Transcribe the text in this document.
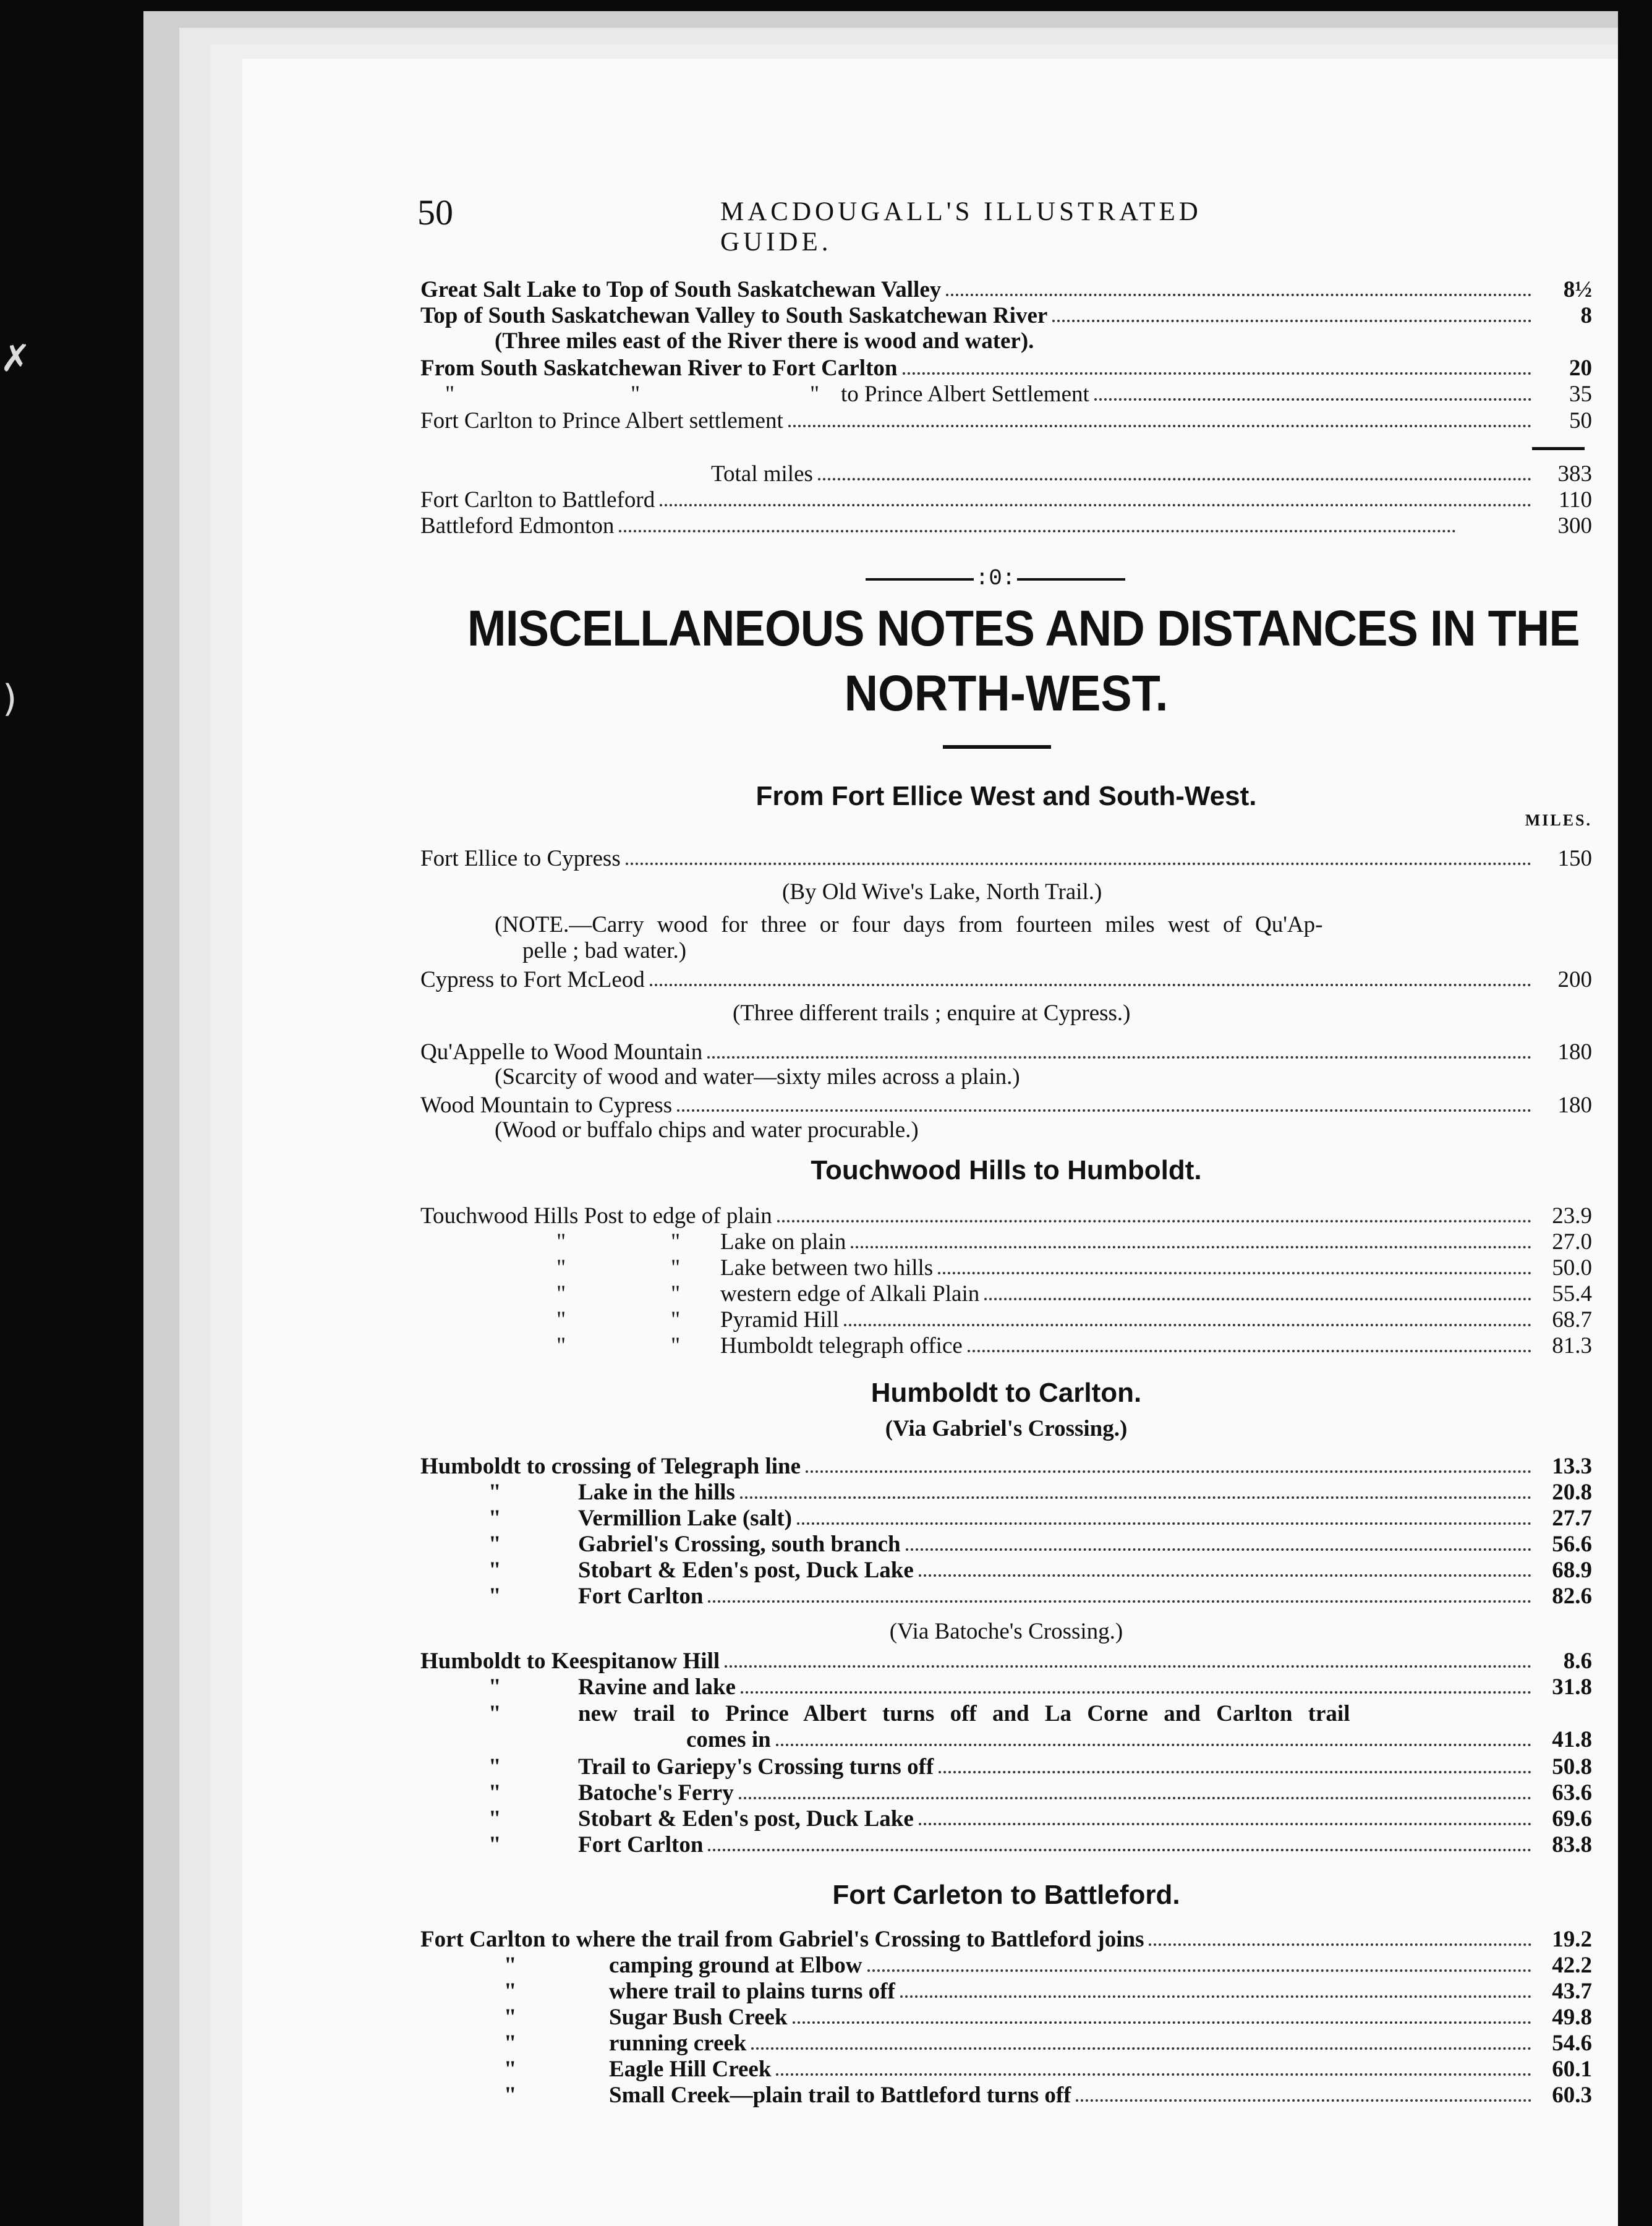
✗
)
50	MACDOUGALL'S ILLUSTRATED GUIDE.
Great Salt Lake to Top of South Saskatchewan Valley	8½
Top of South Saskatchewan Valley to South Saskatchewan River	8
(Three miles east of the River there is wood and water).
From South Saskatchewan River to Fort Carlton	20
"	"	" to Prince Albert Settlement	35
Fort Carlton to Prince Albert settlement	50
Total miles	383
Fort Carlton to Battleford	110
Battleford Edmonton	300
:0:
MISCELLANEOUS NOTES AND DISTANCES IN THE
NORTH-WEST.
From Fort Ellice West and South-West.
MILES.
Fort Ellice to Cypress	150
(By Old Wive's Lake, North Trail.)
(NOTE.—Carry wood for three or four days from fourteen miles west of Qu'Ap-
pelle ; bad water.)
Cypress to Fort McLeod	200
(Three different trails ; enquire at Cypress.)
Qu'Appelle to Wood Mountain	180
(Scarcity of wood and water—sixty miles across a plain.)
Wood Mountain to Cypress	180
(Wood or buffalo chips and water procurable.)
Touchwood Hills to Humboldt.
Touchwood Hills Post to edge of plain	23.9
"	"	Lake on plain	27.0
"	"	Lake between two hills	50.0
"	"	western edge of Alkali Plain	55.4
"	"	Pyramid Hill	68.7
"	"	Humboldt telegraph office	81.3
Humboldt to Carlton.
(Via Gabriel's Crossing.)
Humboldt to crossing of Telegraph line	13.3
"	Lake in the hills	20.8
"	Vermillion Lake (salt)	27.7
"	Gabriel's Crossing, south branch	56.6
"	Stobart & Eden's post, Duck Lake	68.9
"	Fort Carlton	82.6
(Via Batoche's Crossing.)
Humboldt to Keespitanow Hill	8.6
"	Ravine and lake	31.8
"	new trail to Prince Albert turns off and La Corne and Carlton trail
comes in	41.8
"	Trail to Gariepy's Crossing turns off	50.8
"	Batoche's Ferry	63.6
"	Stobart & Eden's post, Duck Lake	69.6
"	Fort Carlton	83.8
Fort Carleton to Battleford.
Fort Carlton to where the trail from Gabriel's Crossing to Battleford joins	19.2
"	camping ground at Elbow	42.2
"	where trail to plains turns off	43.7
"	Sugar Bush Creek	49.8
"	running creek	54.6
"	Eagle Hill Creek	60.1
"	Small Creek—plain trail to Battleford turns off	60.3
